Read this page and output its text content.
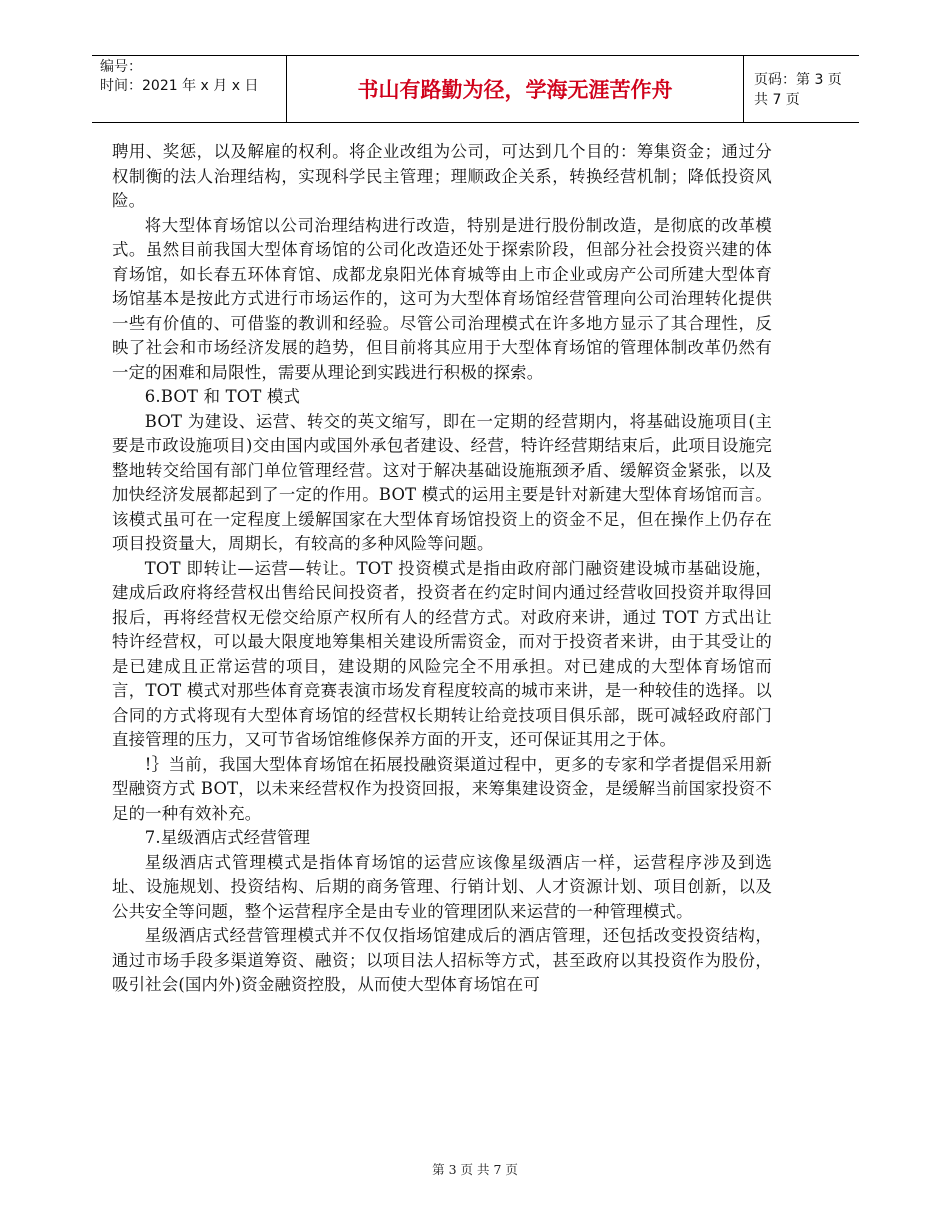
编号：
时间：2021 年 x 月 x 日	书山有路勤为径，学海无涯苦作舟	页码：第 3 页 共 7 页

聘用、奖惩，以及解雇的权利。将企业改组为公司，可达到几个目的：筹集资金；通过分权制衡的法人治理结构，实现科学民主管理；理顺政企关系，转换经营机制；降低投资风险。

将大型体育场馆以公司治理结构进行改造，特别是进行股份制改造，是彻底的改革模式。虽然目前我国大型体育场馆的公司化改造还处于探索阶段，但部分社会投资兴建的体育场馆，如长春五环体育馆、成都龙泉阳光体育城等由上市企业或房产公司所建大型体育场馆基本是按此方式进行市场运作的，这可为大型体育场馆经营管理向公司治理转化提供一些有价值的、可借鉴的教训和经验。尽管公司治理模式在许多地方显示了其合理性，反映了社会和市场经济发展的趋势，但目前将其应用于大型体育场馆的管理体制改革仍然有一定的困难和局限性，需要从理论到实践进行积极的探索。

6.BOT 和 TOT 模式

BOT 为建设、运营、转交的英文缩写，即在一定期的经营期内，将基础设施项目(主要是市政设施项目)交由国内或国外承包者建设、经营，特许经营期结束后，此项目设施完整地转交给国有部门单位管理经营。这对于解决基础设施瓶颈矛盾、缓解资金紧张，以及加快经济发展都起到了一定的作用。BOT 模式的运用主要是针对新建大型体育场馆而言。该模式虽可在一定程度上缓解国家在大型体育场馆投资上的资金不足，但在操作上仍存在项目投资量大，周期长，有较高的多种风险等问题。

TOT 即转让—运营—转让。TOT 投资模式是指由政府部门融资建设城市基础设施，建成后政府将经营权出售给民间投资者，投资者在约定时间内通过经营收回投资并取得回报后，再将经营权无偿交给原产权所有人的经营方式。对政府来讲，通过 TOT 方式出让特许经营权，可以最大限度地筹集相关建设所需资金，而对于投资者来讲，由于其受让的是已建成且正常运营的项目，建设期的风险完全不用承担。对已建成的大型体育场馆而言，TOT 模式对那些体育竞赛表演市场发育程度较高的城市来讲，是一种较佳的选择。以合同的方式将现有大型体育场馆的经营权长期转让给竞技项目俱乐部，既可减轻政府部门直接管理的压力，又可节省场馆维修保养方面的开支，还可保证其用之于体。

!｝当前，我国大型体育场馆在拓展投融资渠道过程中，更多的专家和学者提倡采用新型融资方式 BOT，以未来经营权作为投资回报，来筹集建设资金，是缓解当前国家投资不足的一种有效补充。

7.星级酒店式经营管理

星级酒店式管理模式是指体育场馆的运营应该像星级酒店一样，运营程序涉及到选址、设施规划、投资结构、后期的商务管理、行销计划、人才资源计划、项目创新，以及公共安全等问题，整个运营程序全是由专业的管理团队来运营的一种管理模式。

星级酒店式经营管理模式并不仅仅指场馆建成后的酒店管理，还包括改变投资结构，通过市场手段多渠道筹资、融资；以项目法人招标等方式，甚至政府以其投资作为股份，吸引社会(国内外)资金融资控股，从而使大型体育场馆在可

第 3 页 共 7 页
